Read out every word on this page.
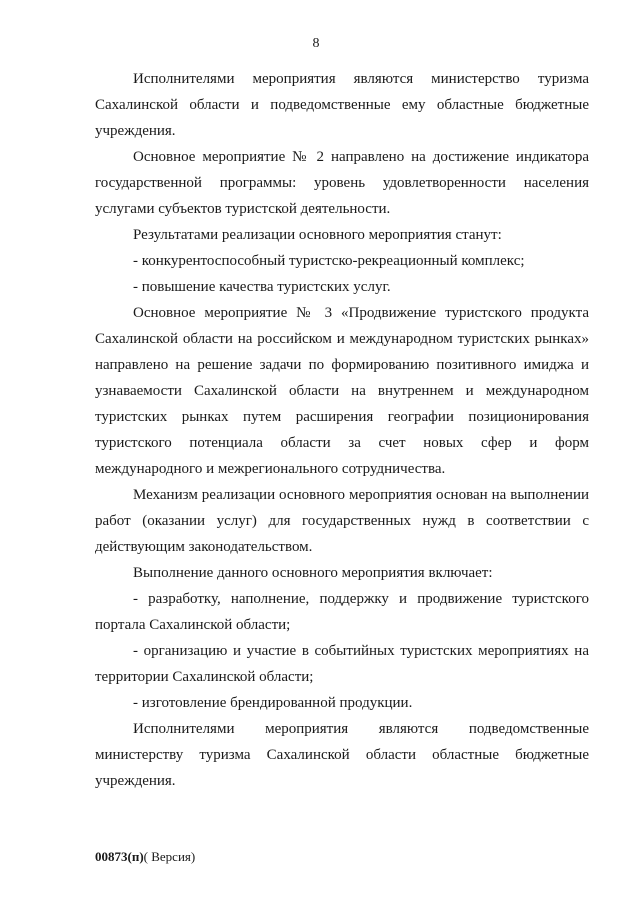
8

Исполнителями мероприятия являются министерство туризма Сахалинской области и подведомственные ему областные бюджетные учреждения.

Основное мероприятие № 2 направлено на достижение индикатора государственной программы: уровень удовлетворенности населения услугами субъектов туристской деятельности.

Результатами реализации основного мероприятия станут:

- конкурентоспособный туристско-рекреационный комплекс;

- повышение качества туристских услуг.

Основное мероприятие № 3 «Продвижение туристского продукта Сахалинской области на российском и международном туристских рынках» направлено на решение задачи по формированию позитивного имиджа и узнаваемости Сахалинской области на внутреннем и международном туристских рынках путем расширения географии позиционирования туристского потенциала области за счет новых сфер и форм международного и межрегионального сотрудничества.

Механизм реализации основного мероприятия основан на выполнении работ (оказании услуг) для государственных нужд в соответствии с действующим законодательством.

Выполнение данного основного мероприятия включает:

- разработку, наполнение, поддержку и продвижение туристского портала Сахалинской области;

- организацию и участие в событийных туристских мероприятиях на территории Сахалинской области;

- изготовление брендированной продукции.

Исполнителями мероприятия являются подведомственные министерству туризма Сахалинской области областные бюджетные учреждения.

00873(п)( Версия)
